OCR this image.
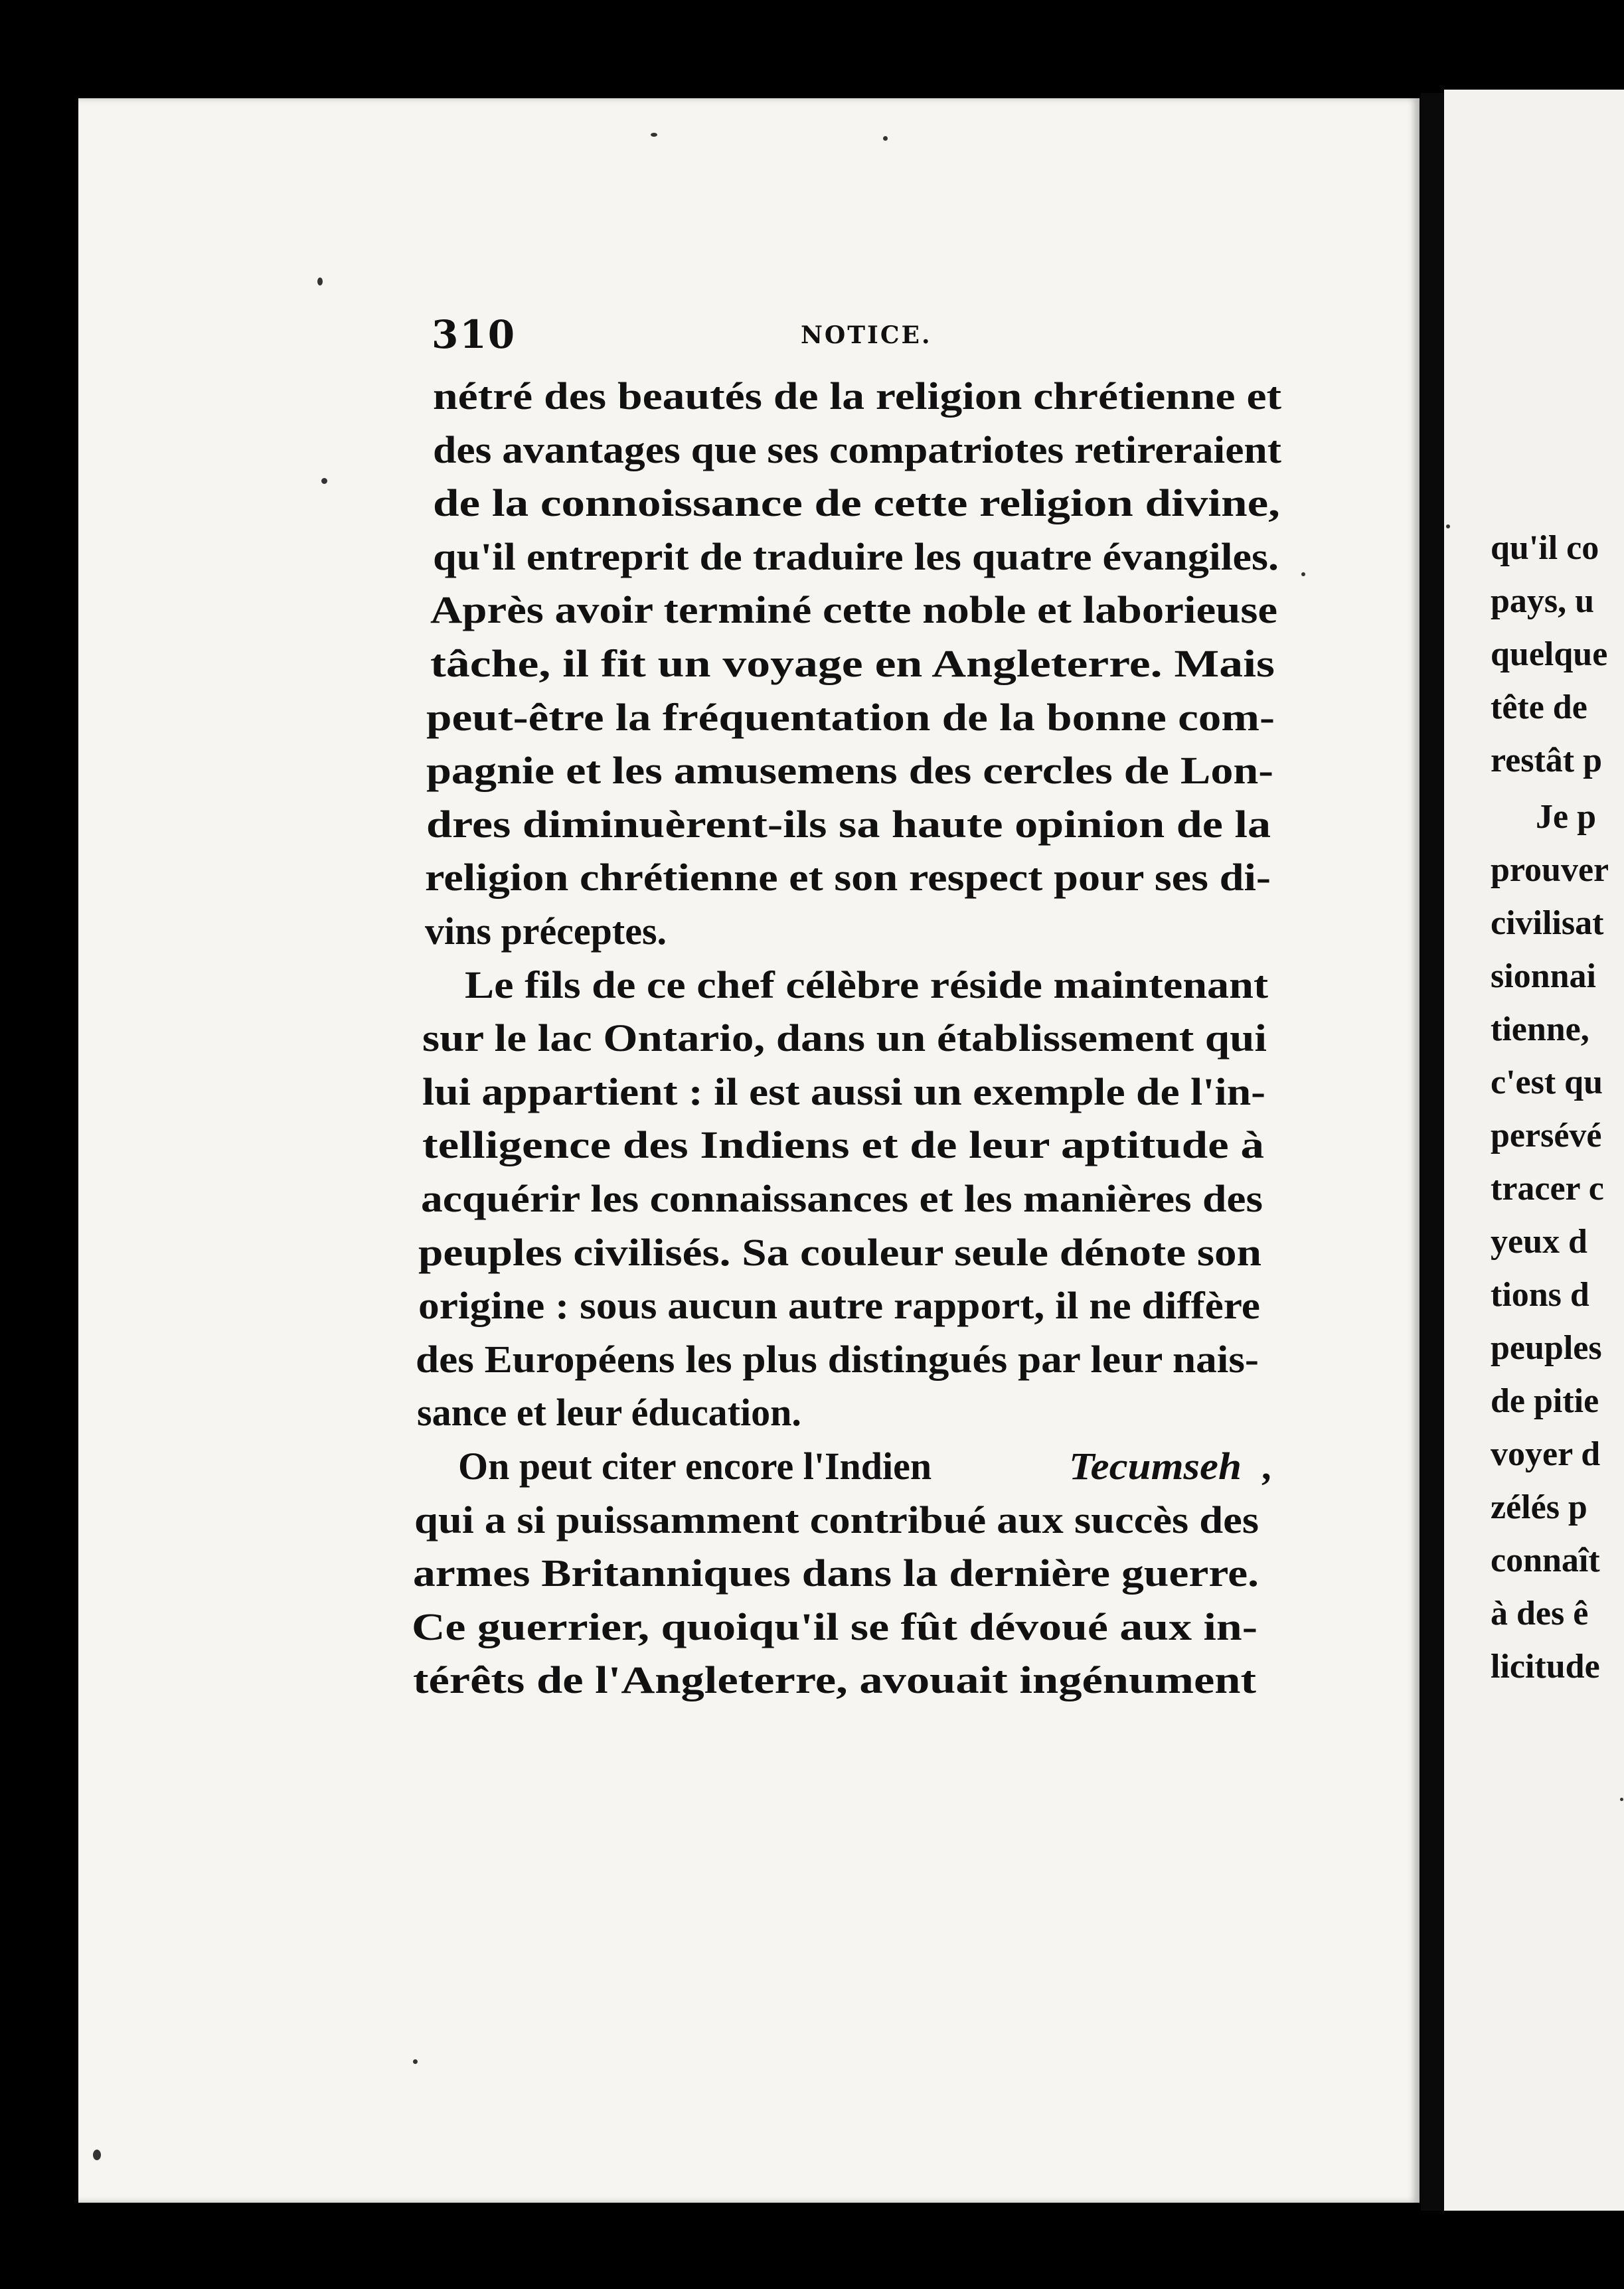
qu'il co
pays, u
quelque
tête de
restât p
Je p
prouver
civilisat
sionnai
tienne,
c'est qu
persévé
tracer c
yeux d
tions d
peuples
de pitie
voyer d
zélés p
connaît
à des ê
licitude
310	NOTICE.
nétré des beautés de la religion chrétienne et
des avantages que ses compatriotes retireraient
de la connoissance de cette religion divine,
qu'il entreprit de traduire les quatre évangiles.
Après avoir terminé cette noble et laborieuse
tâche, il fit un voyage en Angleterre. Mais
peut-être la fréquentation de la bonne com-
pagnie et les amusemens des cercles de Lon-
dres diminuèrent-ils sa haute opinion de la
religion chrétienne et son respect pour ses di-
vins préceptes.
Le fils de ce chef célèbre réside maintenant
sur le lac Ontario, dans un établissement qui
lui appartient : il est aussi un exemple de l'in-
telligence des Indiens et de leur aptitude à
acquérir les connaissances et les manières des
peuples civilisés. Sa couleur seule dénote son
origine : sous aucun autre rapport, il ne diffère
des Européens les plus distingués par leur nais-
sance et leur éducation.
On peut citer encore l'Indien	Tecumseh ,
qui a si puissamment contribué aux succès des
armes Britanniques dans la dernière guerre.
Ce guerrier, quoiqu'il se fût dévoué aux in-
térêts de l'Angleterre, avouait ingénument
